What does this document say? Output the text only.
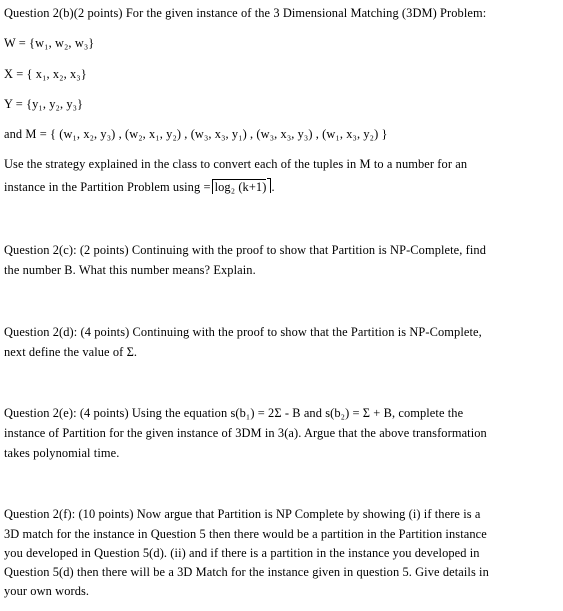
Question 2(b)(2 points) For the given instance of the 3 Dimensional Matching (3DM) Problem:
W = {w₁, w₂, w₃}
X = { x₁, x₂, x₃}
Y = {y₁, y₂, y₃}
and M = { (w₁, x₂, y₃) , (w₂, x₁, y₂) , (w₃, x₃, y₁) , (w₃, x₃, y₃) , (w₁, x₃, y₂) }
Use the strategy explained in the class to convert each of the tuples in M to a number for an
instance in the Partition Problem using = log₂ (k+1) .
Question 2(c): (2 points) Continuing with the proof to show that Partition is NP-Complete, find
the number B. What this number means? Explain.
Question 2(d): (4 points) Continuing with the proof to show that the Partition is NP-Complete,
next define the value of Σ.
Question 2(e): (4 points) Using the equation s(b₁) = 2Σ - B and s(b₂) = Σ + B, complete the
instance of Partition for the given instance of 3DM in 3(a). Argue that the above transformation
takes polynomial time.
Question 2(f): (10 points) Now argue that Partition is NP Complete by showing (i) if there is a
3D match for the instance in Question 5 then there would be a partition in the Partition instance
you developed in Question 5(d). (ii) and if there is a partition in the instance you developed in
Question 5(d) then there will be a 3D Match for the instance given in question 5. Give details in
your own words.
